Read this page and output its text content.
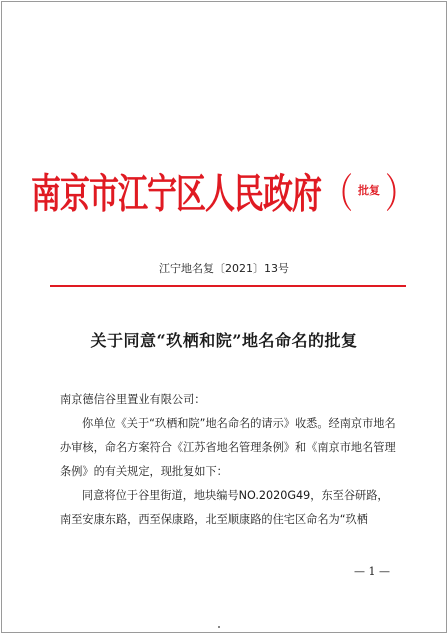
南京市江宁区人民政府 （ 批复 ）
江宁地名复〔2021〕13号
关于同意“玖栖和院”地名命名的批复

南京德信谷里置业有限公司：

你单位《关于“玖栖和院”地名命名的请示》收悉。经南京市地名办审核，命名方案符合《江苏省地名管理条例》和《南京市地名管理条例》的有关规定，现批复如下：

同意将位于谷里街道，地块编号NO.2020G49，东至谷研路，南至安康东路，西至保康路，北至顺康路的住宅区命名为“玖栖

— 1 —
